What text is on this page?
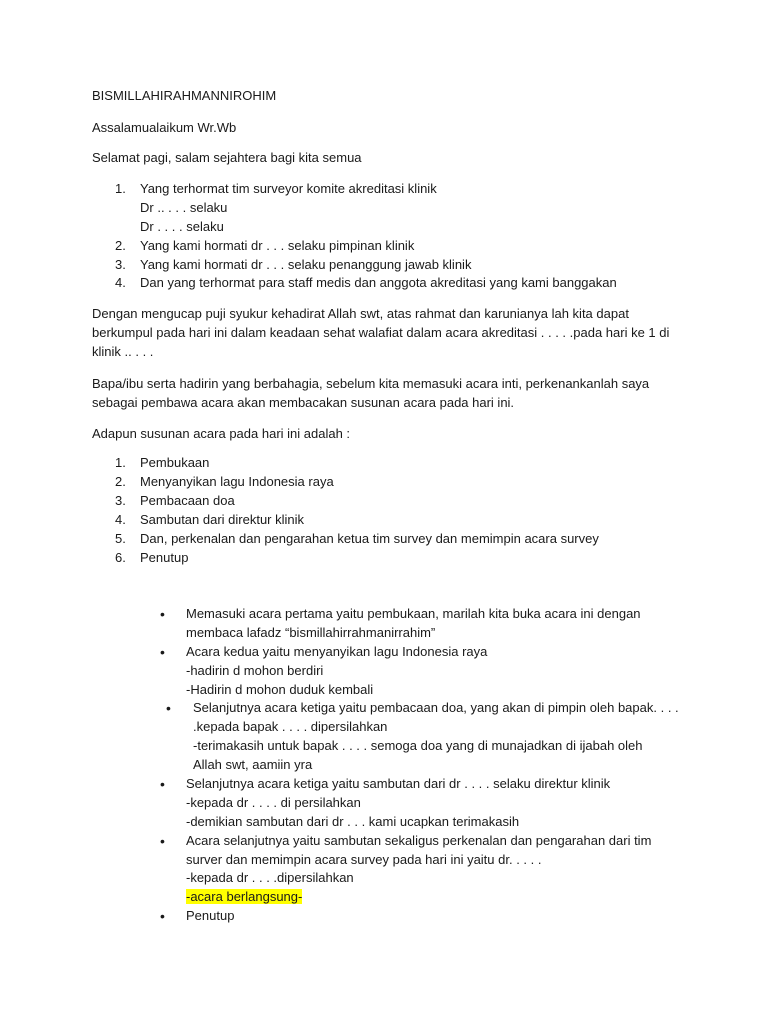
BISMILLAHIRAHMANNIROHIM
Assalamualaikum Wr.Wb
Selamat pagi, salam sejahtera bagi kita semua
1.	Yang terhormat tim surveyor komite akreditasi klinik
Dr .. . . . selaku
Dr . . . . selaku
2.	Yang kami hormati dr . . . selaku pimpinan klinik
3.	Yang kami hormati dr . . . selaku penanggung jawab klinik
4.	Dan yang terhormat para staff medis dan anggota akreditasi yang kami banggakan
Dengan mengucap puji syukur kehadirat Allah swt, atas rahmat dan karunianya lah kita dapat
berkumpul pada hari ini dalam keadaan sehat walafiat dalam acara akreditasi . . . . .pada hari ke 1 di
klinik .. . . .
Bapa/ibu serta hadirin yang berbahagia, sebelum kita memasuki acara inti, perkenankanlah saya
sebagai pembawa acara akan membacakan susunan acara pada hari ini.
Adapun susunan acara pada hari ini adalah :
1.	Pembukaan
2.	Menyanyikan lagu Indonesia raya
3.	Pembacaan doa
4.	Sambutan dari direktur klinik
5.	Dan, perkenalan dan pengarahan ketua tim survey dan memimpin acara survey
6.	Penutup
•	Memasuki acara pertama yaitu pembukaan, marilah kita buka acara ini dengan
membaca lafadz “bismillahirrahmanirrahim”
•	Acara kedua yaitu menyanyikan lagu Indonesia raya
-hadirin d mohon berdiri
-Hadirin d mohon duduk kembali
•	Selanjutnya acara ketiga yaitu pembacaan doa, yang akan di pimpin oleh bapak. . . .
.kepada bapak . . . . dipersilahkan
-terimakasih untuk bapak . . . . semoga doa yang di munajadkan di ijabah oleh
Allah swt, aamiin yra
•	Selanjutnya acara ketiga yaitu sambutan dari dr . . . . selaku direktur klinik
-kepada dr . . . . di persilahkan
-demikian sambutan dari dr . . . kami ucapkan terimakasih
•	Acara selanjutnya yaitu sambutan sekaligus perkenalan dan pengarahan dari tim
surver dan memimpin acara survey pada hari ini yaitu dr. . . . .
-kepada dr . . . .dipersilahkan
-acara berlangsung-
•	Penutup
